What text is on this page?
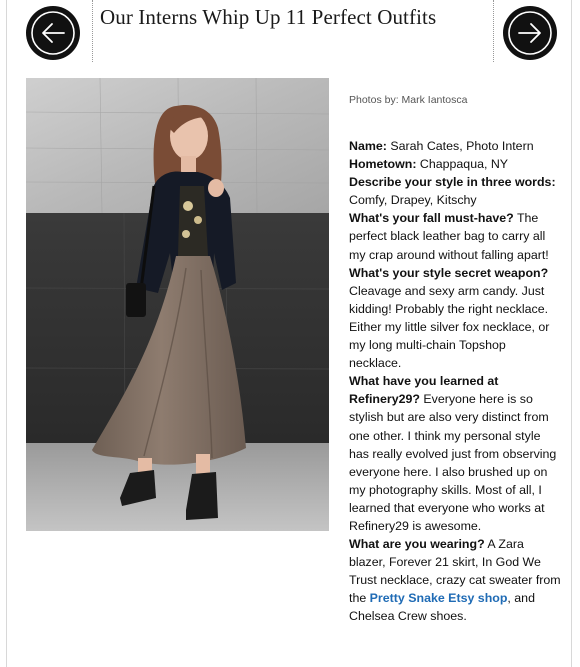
Our Interns Whip Up 11 Perfect Outfits
Photos by: Mark Iantosca
Name: Sarah Cates, Photo Intern
Hometown: Chappaqua, NY
Describe your style in three words: Comfy, Drapey, Kitschy
What's your fall must-have? The perfect black leather bag to carry all my crap around without falling apart!
What's your style secret weapon? Cleavage and sexy arm candy. Just kidding! Probably the right necklace. Either my little silver fox necklace, or my long multi-chain Topshop necklace.
What have you learned at Refinery29? Everyone here is so stylish but are also very distinct from one other. I think my personal style has really evolved just from observing everyone here. I also brushed up on my photography skills. Most of all, I learned that everyone who works at Refinery29 is awesome.
What are you wearing? A Zara blazer, Forever 21 skirt, In God We Trust necklace, crazy cat sweater from the Pretty Snake Etsy shop, and Chelsea Crew shoes.
